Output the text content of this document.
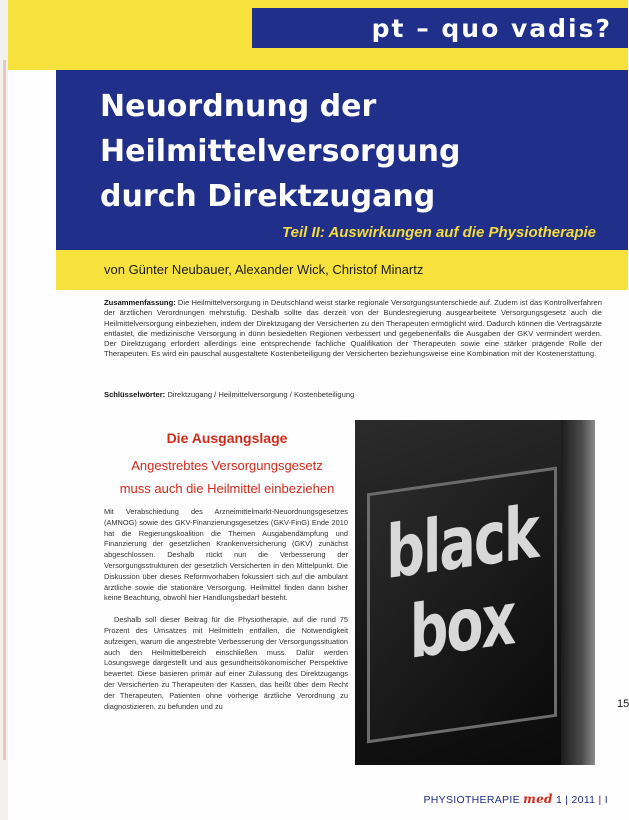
pt – quo vadis?
Neuordnung der
Heilmittelversorgung
durch Direktzugang
Teil II: Auswirkungen auf die Physiotherapie
von Günter Neubauer, Alexander Wick, Christof Minartz
Zusammenfassung: Die Heilmittelversorgung in Deutschland weist starke regionale Versorgungsunterschiede auf. Zudem ist das Kontrollverfahren der ärztlichen Verordnungen mehrstufig. Deshalb sollte das derzeit von der Bundesregierung ausgearbeitete Versorgungsgesetz auch die Heilmittelversorgung einbeziehen, indem der Direktzugang der Versicherten zu den Therapeuten ermöglicht wird. Dadurch können die Vertragsärzte entlastet, die medizinische Versorgung in dünn besiedelten Regionen verbessert und gegebenenfalls die Ausgaben der GKV vermindert werden. Der Direktzugang erfordert allerdings eine entsprechende fachliche Qualifikation der Therapeuten sowie eine stärker prägende Rolle der Therapeuten. Es wird ein pauschal ausgestaltete Kostenbeteiligung der Versicherten beziehungsweise eine Kombination mit der Kostenerstattung.
Schlüsselwörter: Direktzugang / Heilmittelversorgung / Kostenbeteiligung
Die Ausgangslage
Angestrebtes Versorgungsgesetz
muss auch die Heilmittel einbeziehen

Mit Verabschiedung des Arzneimittelmarkt-Neuordnungsgesetzes (AMNOG) sowie des GKV-Finanzierungsgesetzes (GKV-FinG) Ende 2010 hat die Regierungskoalition die Themen Ausgabendämpfung und Finanzierung der gesetzlichen Krankenversicherung (GKV) zunächst abgeschlossen. Deshalb rückt nun die Verbesserung der Versorgungsstrukturen der gesetzlich Versicherten in den Mittelpunkt. Die Diskussion über dieses Reformvorhaben fokussiert sich auf die ambulant ärztliche sowie die stationäre Versorgung. Heilmittel finden dann bisher keine Beachtung, obwohl hier Handlungsbedarf besteht.

Deshalb soll dieser Beitrag für die Physiotherapie, auf die rund 75 Prozent des Umsatzes mit Heilmitteln entfallen, die Notwendigkeit aufzeigen, warum die angestrebte Verbesserung der Versorgungssituation auch den Heilmittelbereich einschließen muss. Dafür werden Lösungswege dargestellt und aus gesundheitsökonomischer Perspektive bewertet. Diese basieren primär auf einer Zulassung des Direktzugangs der Versicherten zu Therapeuten der Kassen, das heißt über dem Recht der Therapeuten, Patienten ohne vorherige ärztliche Verordnung zu diagnostizieren, zu befunden und zu

black
box
15
PHYSIOTHERAPIE med 1 | 2011 | I
